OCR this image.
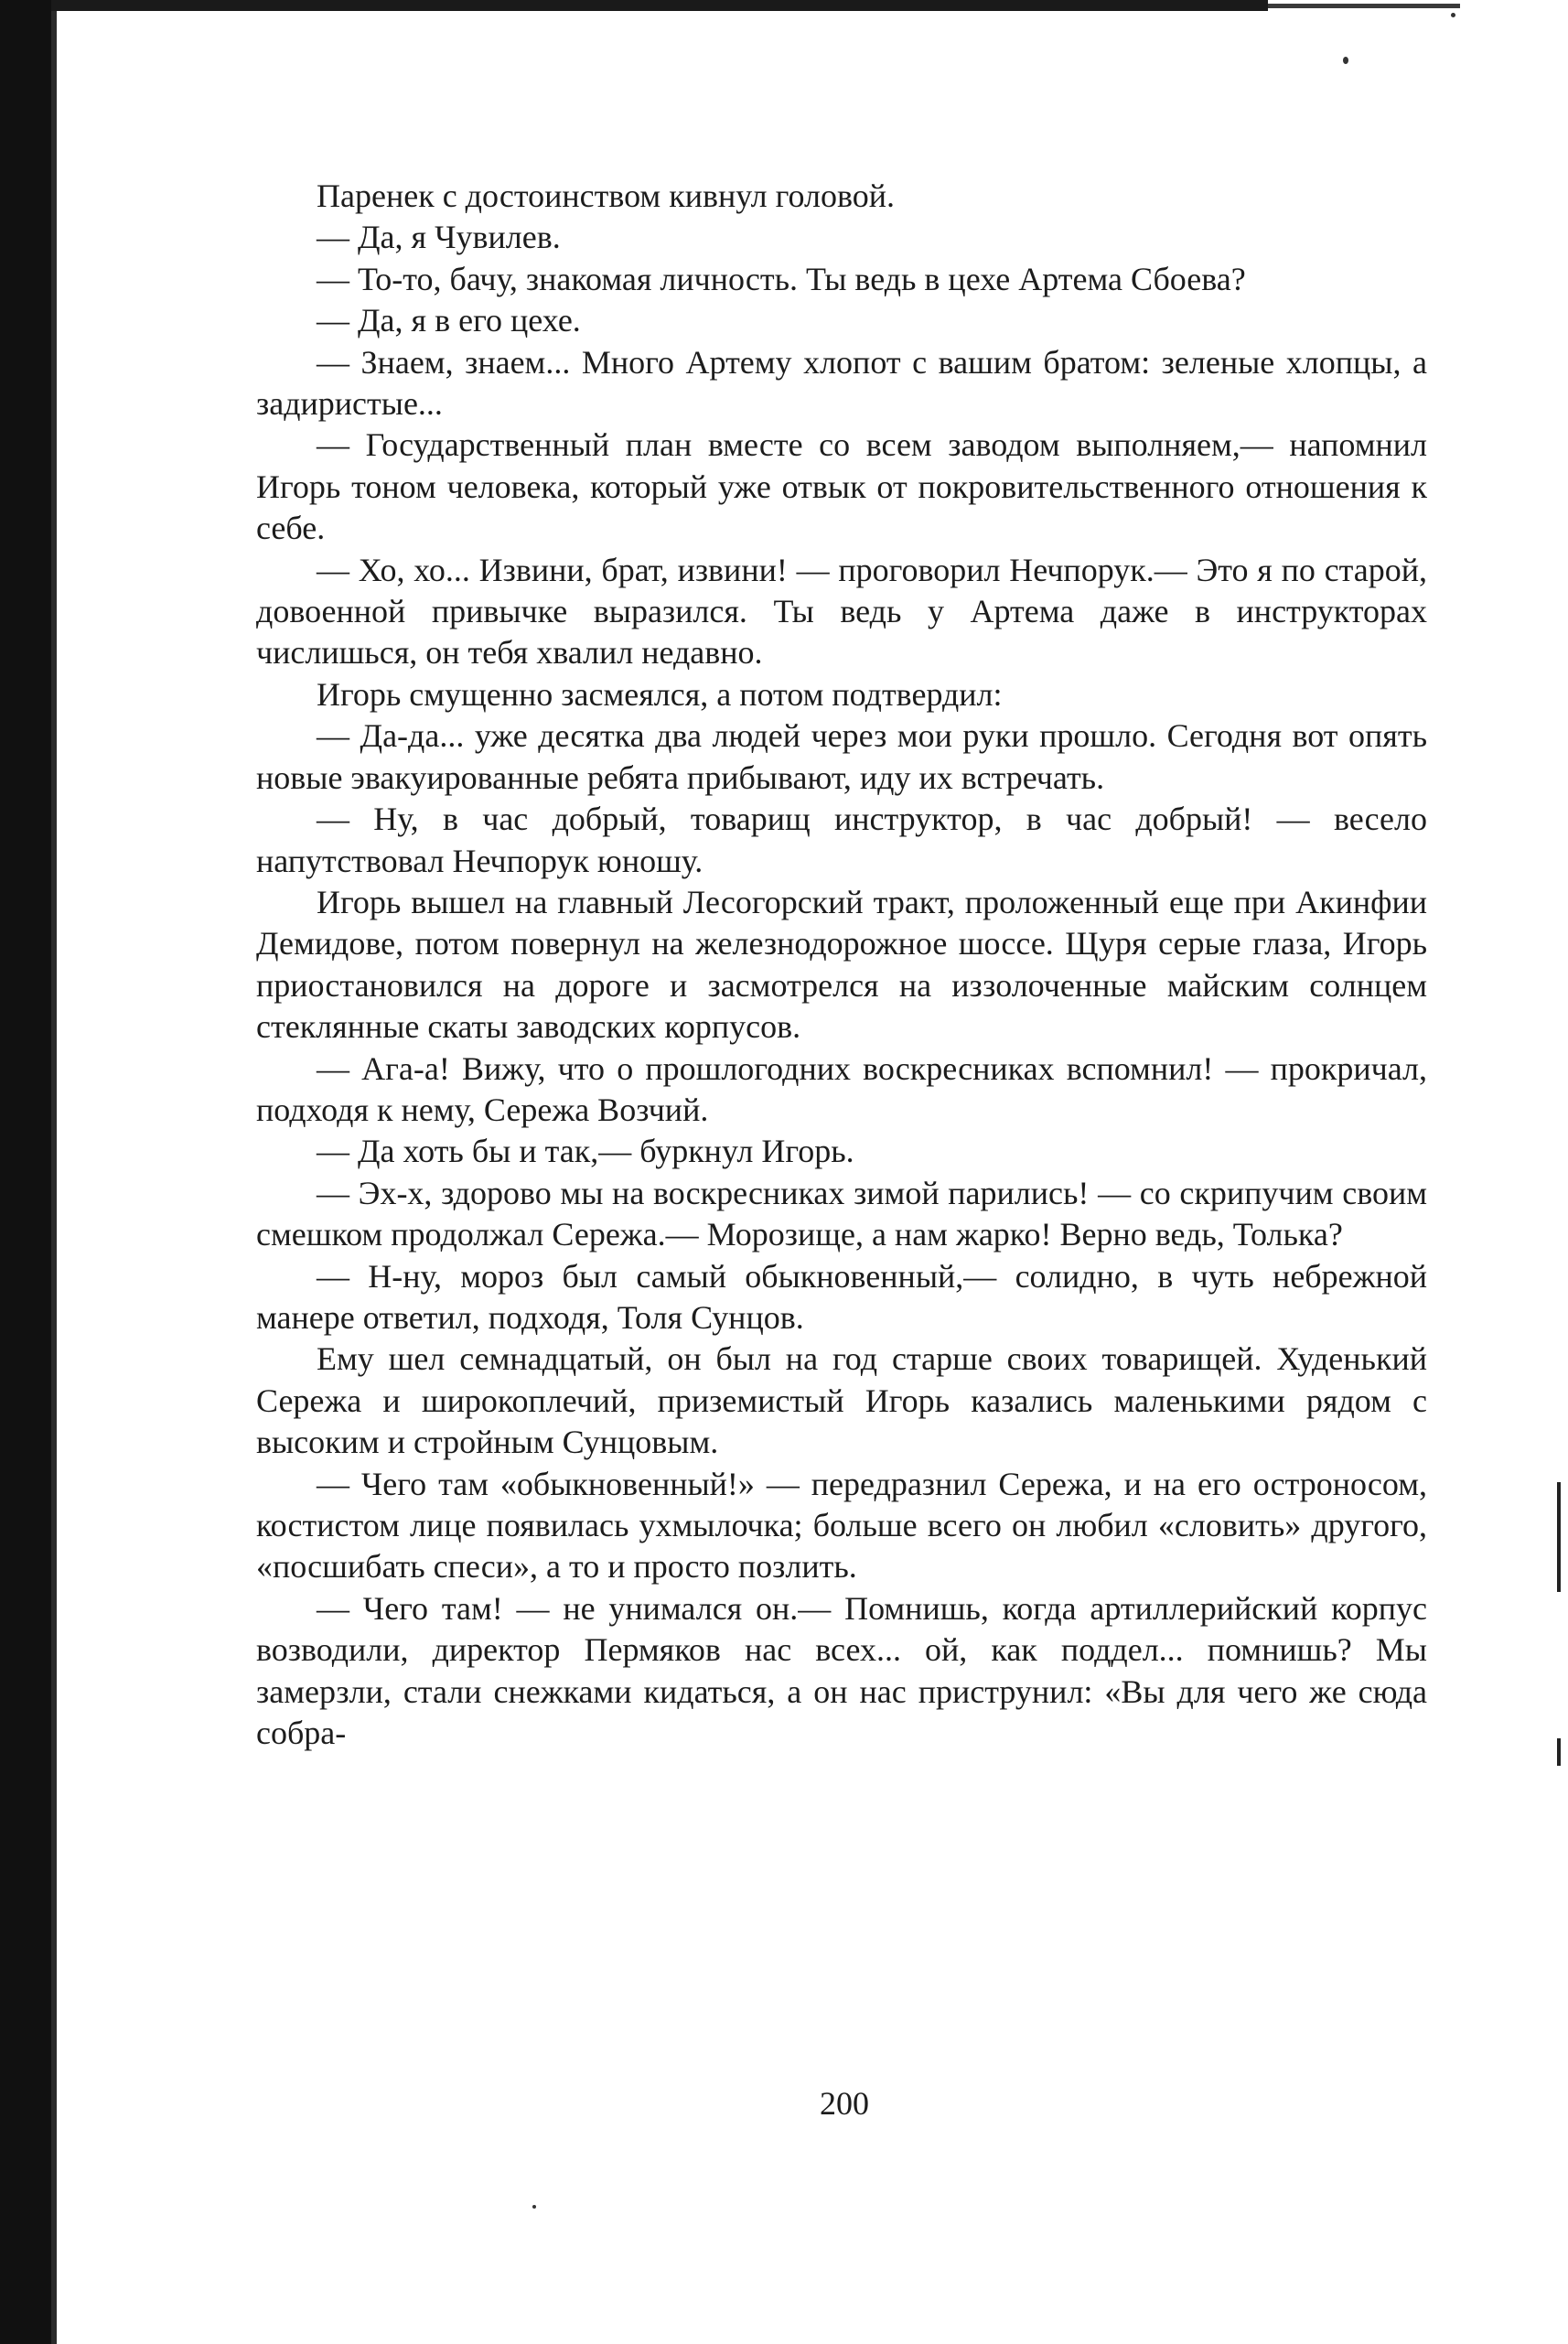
Паренек с достоинством кивнул головой.

— Да, я Чувилев.

— То-то, бачу, знакомая личность. Ты ведь в цехе Артема Сбоева?

— Да, я в его цехе.

— Знаем, знаем... Много Артему хлопот с вашим братом: зеленые хлопцы, а задиристые...

— Государственный план вместе со всем заводом выполняем,— напомнил Игорь тоном человека, который уже отвык от покровительственного отношения к себе.

— Хо, хо... Извини, брат, извини! — проговорил Нечпорук.— Это я по старой, довоенной привычке выразился. Ты ведь у Артема даже в инструкторах числишься, он тебя хвалил недавно.

Игорь смущенно засмеялся, а потом подтвердил:

— Да-да... уже десятка два людей через мои руки прошло. Сегодня вот опять новые эвакуированные ребята прибывают, иду их встречать.

— Ну, в час добрый, товарищ инструктор, в час добрый! — весело напутствовал Нечпорук юношу.

Игорь вышел на главный Лесогорский тракт, проложенный еще при Акинфии Демидове, потом повернул на железнодорожное шоссе. Щуря серые глаза, Игорь приостановился на дороге и засмотрелся на иззолоченные майским солнцем стеклянные скаты заводских корпусов.

— Ага-а! Вижу, что о прошлогодних воскресниках вспомнил! — прокричал, подходя к нему, Сережа Возчий.

— Да хоть бы и так,— буркнул Игорь.

— Эх-х, здорово мы на воскресниках зимой парились! — со скрипучим своим смешком продолжал Сережа.— Морозище, а нам жарко! Верно ведь, Толька?

— Н-ну, мороз был самый обыкновенный,— солидно, в чуть небрежной манере ответил, подходя, Толя Сунцов.

Ему шел семнадцатый, он был на год старше своих товарищей. Худенький Сережа и широкоплечий, приземистый Игорь казались маленькими рядом с высоким и стройным Сунцовым.

— Чего там «обыкновенный!» — передразнил Сережа, и на его остроносом, костистом лице появилась ухмылочка; больше всего он любил «словить» другого, «посшибать спеси», а то и просто позлить.

— Чего там! — не унимался он.— Помнишь, когда артиллерийский корпус возводили, директор Пермяков нас всех... ой, как поддел... помнишь? Мы замерзли, стали снежками кидаться, а он нас приструнил: «Вы для чего же сюда собра-

200
